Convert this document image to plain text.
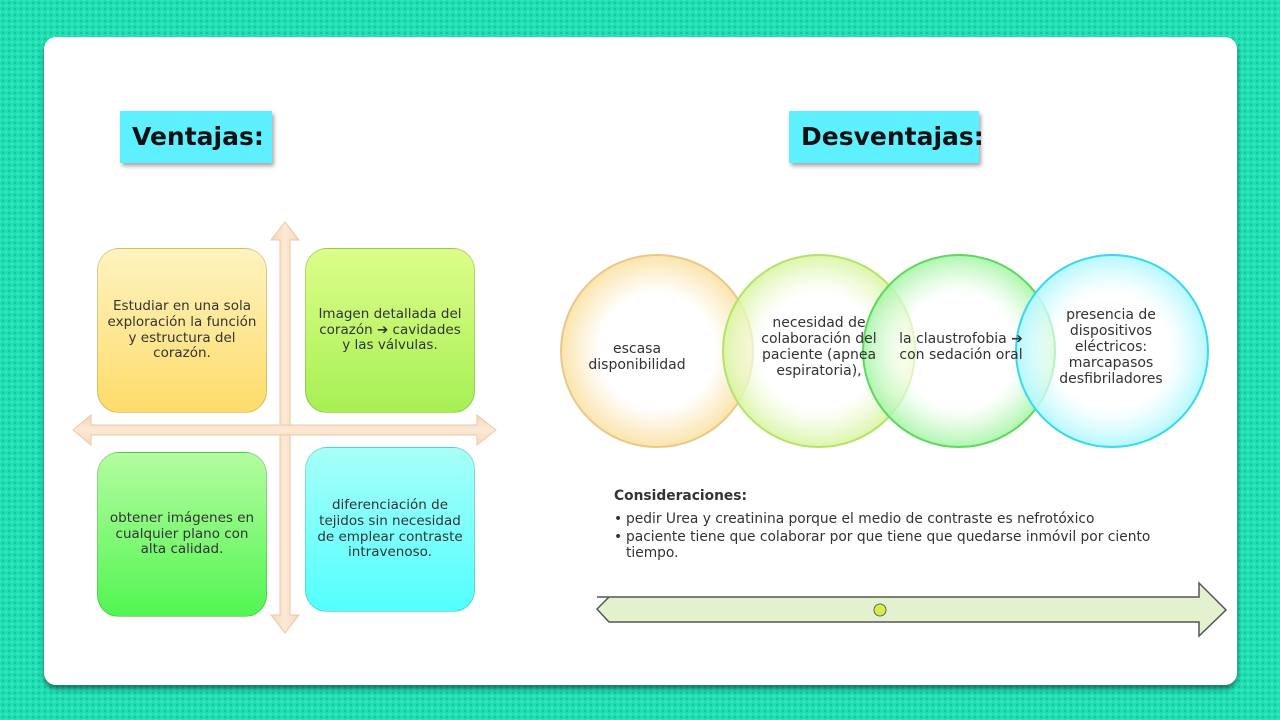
Ventajas:	Desventajas:
Estudiar en una sola exploración la función y estructura del corazón.
Imagen detallada del corazón ➔ cavidades y las válvulas.
obtener imágenes en cualquier plano con alta calidad.
diferenciación de tejidos sin necesidad de emplear contraste intravenoso.
escasa disponibilidad
necesidad de colaboración del paciente (apnea espiratoria),
la claustrofobia ➔ con sedación oral
presencia de dispositivos eléctricos: marcapasos desfibriladores
Consideraciones:
• pedir Urea y creatinina porque el medio de contraste es nefrotóxico
• paciente tiene que colaborar por que tiene que quedarse inmóvil por ciento tiempo.
